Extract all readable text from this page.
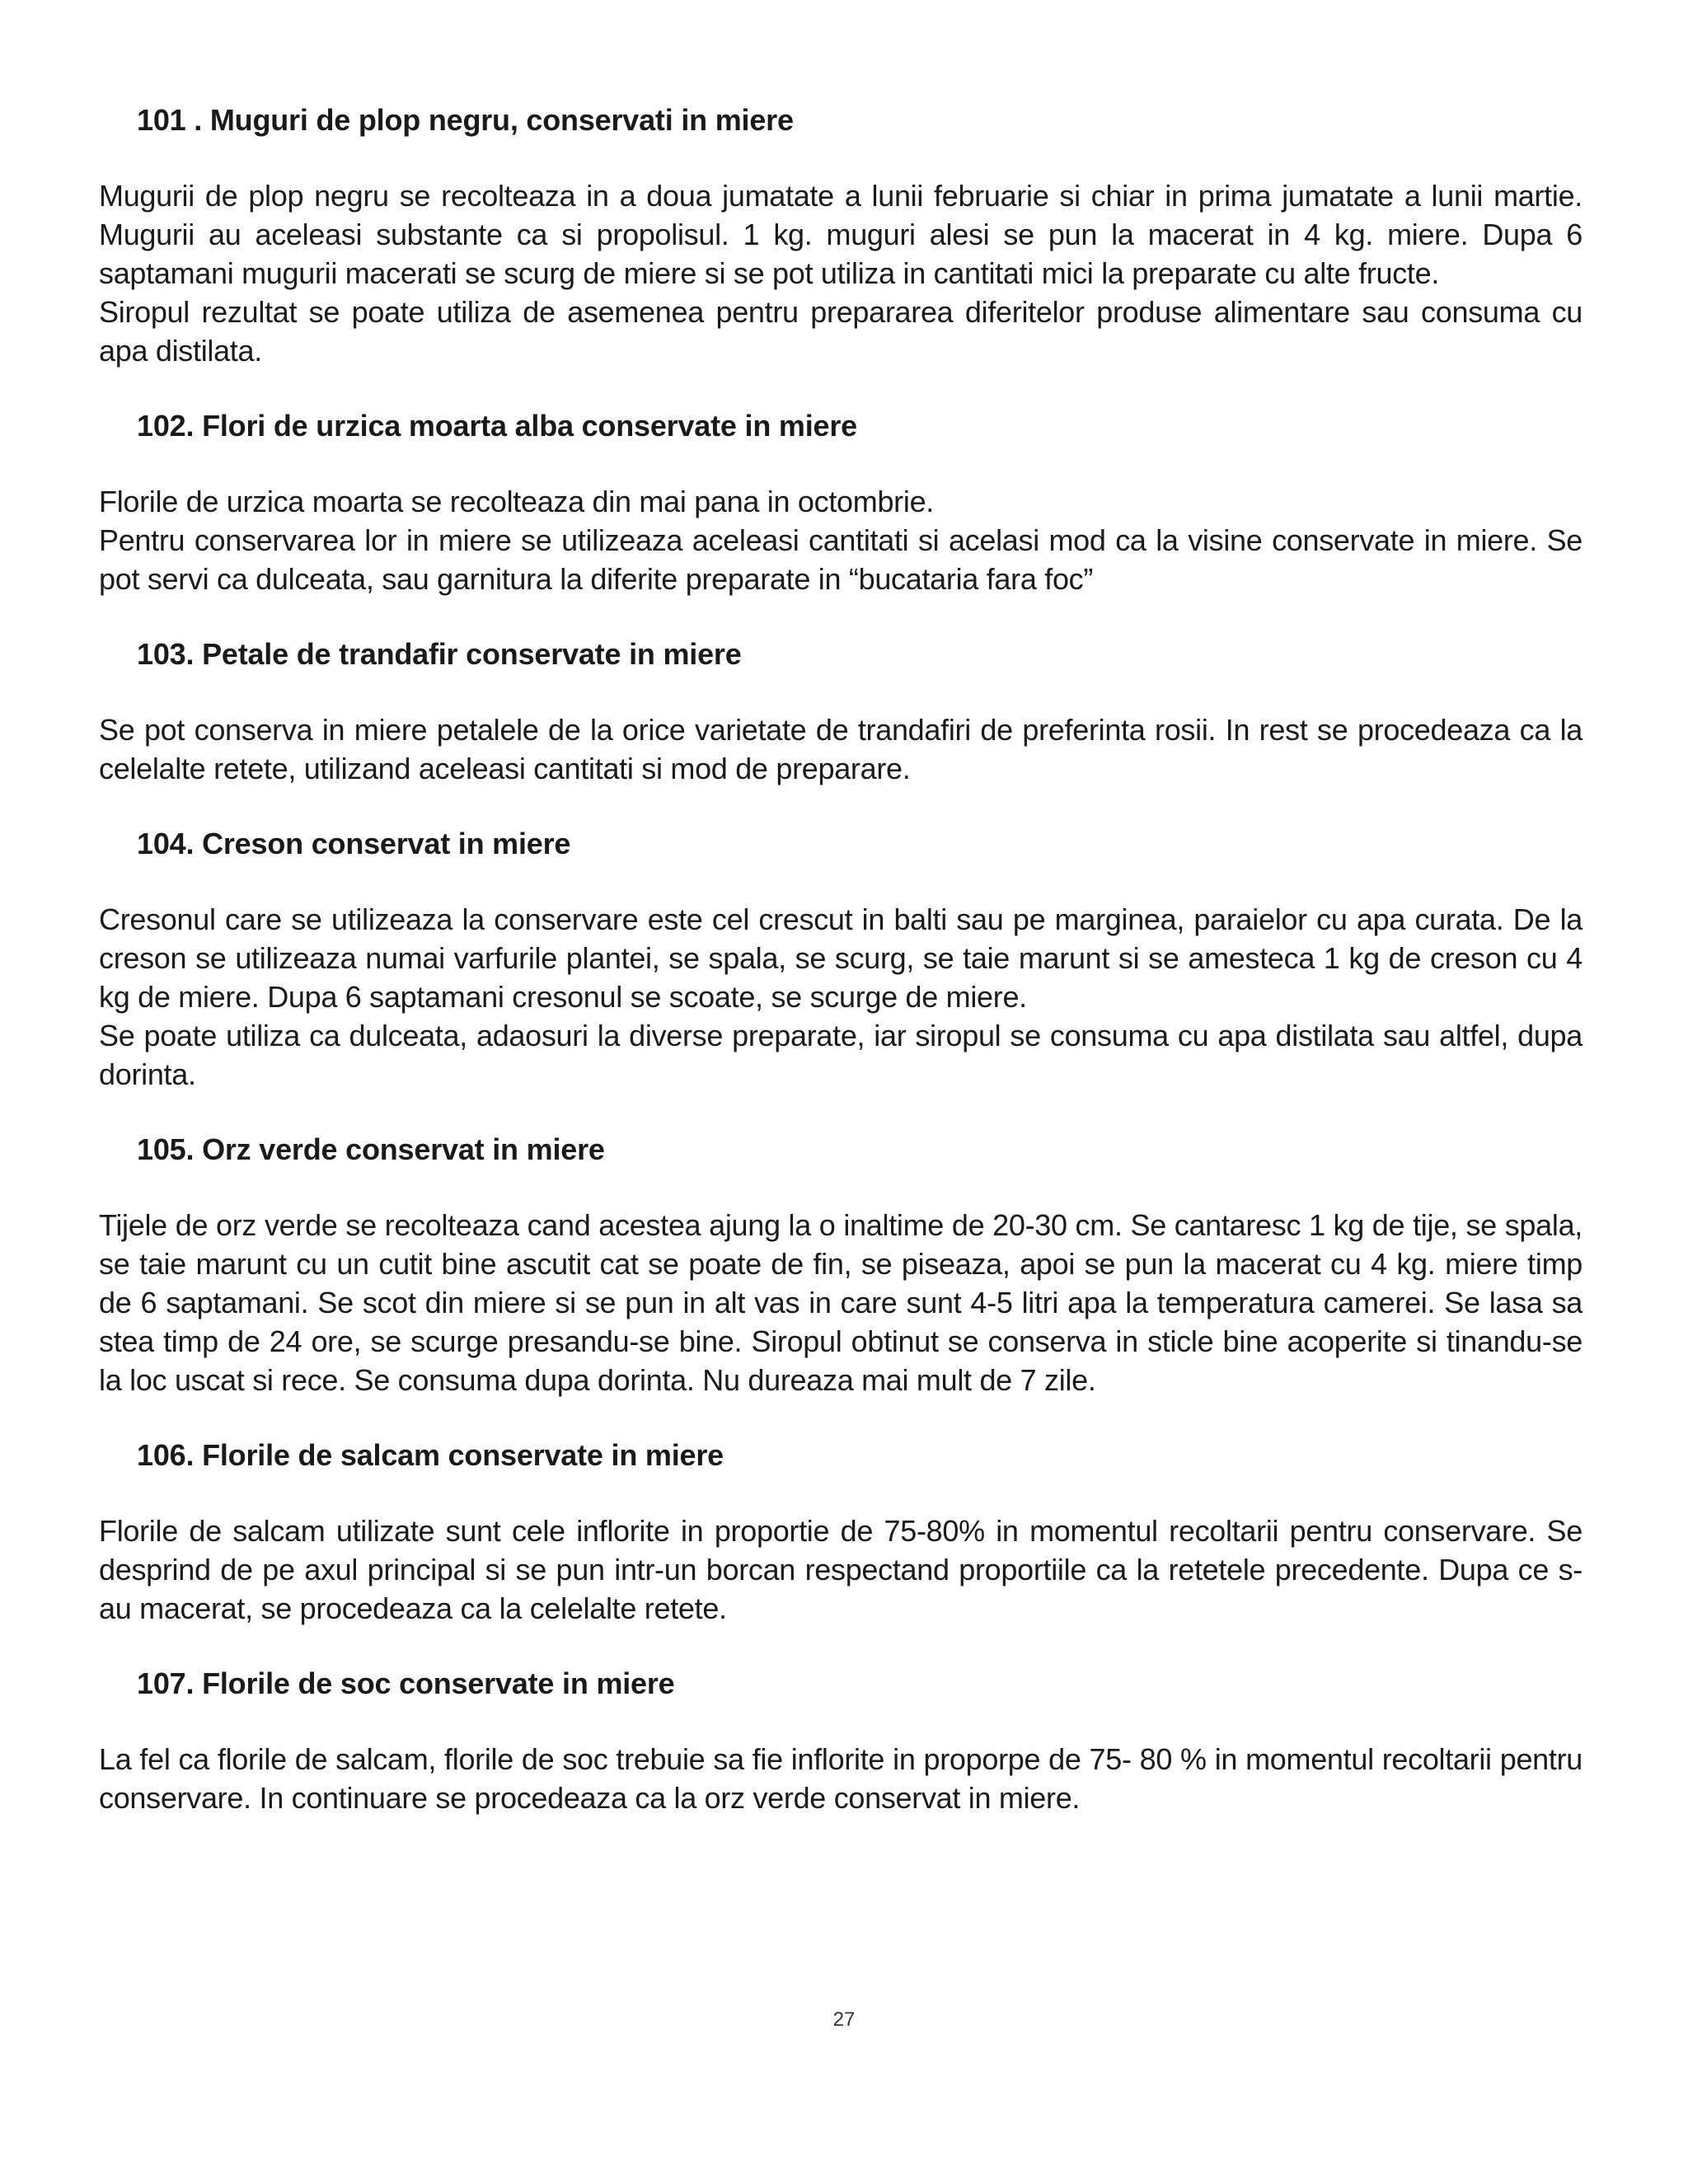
101 . Muguri de plop negru, conservati in miere

Mugurii de plop negru se recolteaza in a doua jumatate a lunii februarie si chiar in prima jumatate a lunii martie. Mugurii au aceleasi substante ca si propolisul. 1 kg. muguri alesi se pun la macerat in 4 kg. miere. Dupa 6 saptamani mugurii macerati se scurg de miere si se pot utiliza in cantitati mici la preparate cu alte fructe.

Siropul rezultat se poate utiliza de asemenea pentru prepararea diferitelor produse alimentare sau consuma cu apa distilata.

102. Flori de urzica moarta alba conservate in miere

Florile de urzica moarta se recolteaza din mai pana in octombrie.

Pentru conservarea lor in miere se utilizeaza aceleasi cantitati si acelasi mod ca la visine conservate in miere. Se pot servi ca dulceata, sau garnitura la diferite preparate in “bucataria fara foc”

103. Petale de trandafir conservate in miere

Se pot conserva in miere petalele de la orice varietate de trandafiri de preferinta rosii. In rest se procedeaza ca la celelalte retete, utilizand aceleasi cantitati si mod de preparare.

104. Creson conservat in miere

Cresonul care se utilizeaza la conservare este cel crescut in balti sau pe marginea, paraielor cu apa curata. De la creson se utilizeaza numai varfurile plantei, se spala, se scurg, se taie marunt si se amesteca 1 kg de creson cu 4 kg de miere. Dupa 6 saptamani cresonul se scoate, se scurge de miere.

Se poate utiliza ca dulceata, adaosuri la diverse preparate, iar siropul se consuma cu apa distilata sau altfel, dupa dorinta.

105. Orz verde conservat in miere

Tijele de orz verde se recolteaza cand acestea ajung la o inaltime de 20-30 cm. Se cantaresc 1 kg de tije, se spala, se taie marunt cu un cutit bine ascutit cat se poate de fin, se piseaza, apoi se pun la macerat cu 4 kg. miere timp de 6 saptamani. Se scot din miere si se pun in alt vas in care sunt 4-5 litri apa la temperatura camerei. Se lasa sa stea timp de 24 ore, se scurge presandu-se bine. Siropul obtinut se conserva in sticle bine acoperite si tinandu-se la loc uscat si rece. Se consuma dupa dorinta. Nu dureaza mai mult de 7 zile.

106. Florile de salcam conservate in miere

Florile de salcam utilizate sunt cele inflorite in proportie de 75-80% in momentul recoltarii pentru conservare. Se desprind de pe axul principal si se pun intr-un borcan respectand proportiile ca la retetele precedente. Dupa ce s-au macerat, se procedeaza ca la celelalte retete.

107. Florile de soc conservate in miere

La fel ca florile de salcam, florile de soc trebuie sa fie inflorite in proporpe de 75- 80 % in momentul recoltarii pentru conservare. In continuare se procedeaza ca la orz verde conservat in miere.

27
